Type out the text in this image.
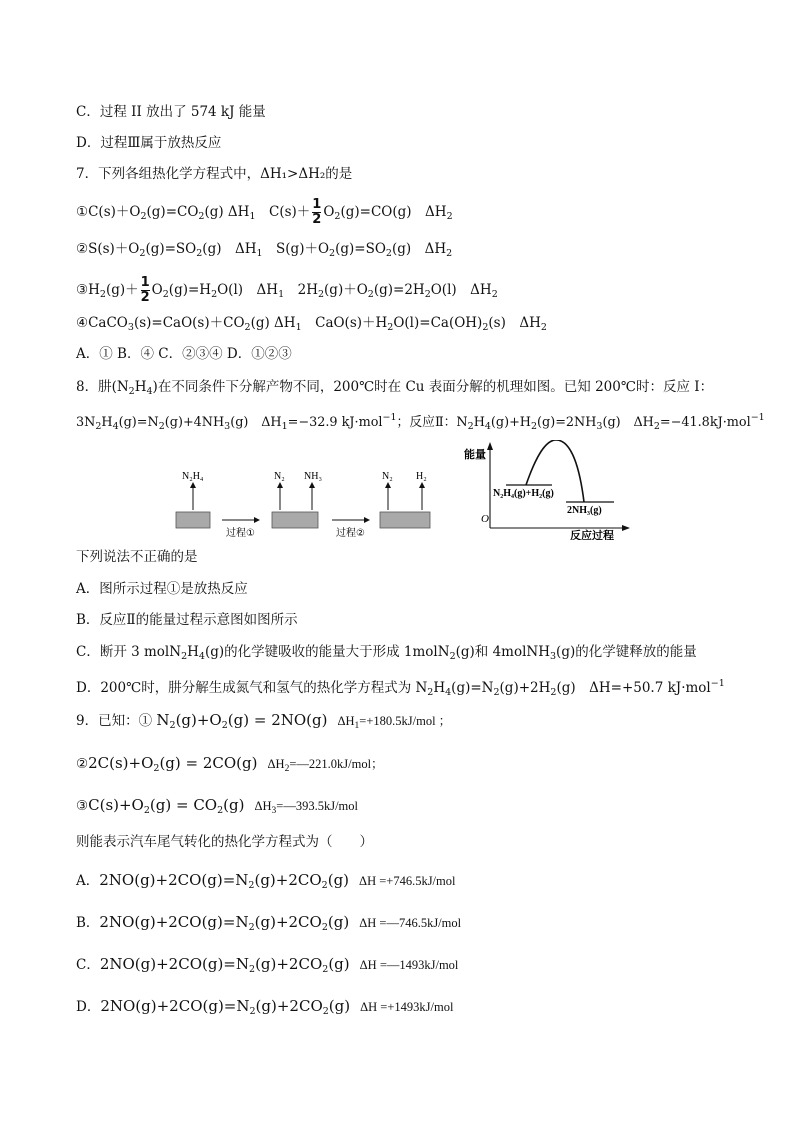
C．过程 II 放出了 574 kJ 能量
D．过程Ⅲ属于放热反应
7．下列各组热化学方程式中，ΔH₁>ΔH₂的是
$①C(s)+O_2(g)=CO_2(g)$ $\Delta H_1$　$C(s)+ \frac{1}{2} O_2(g)=CO(g)$　$\Delta H_2$
$②S(s)+O_2(g)=SO_2(g)$　$\Delta H_1$　$S(g)+O_2(g)=SO_2(g)$　$\Delta H_2$
$③H_2(g)+ \frac{1}{2} O_2(g)=H_2O(l)$　$\Delta H_1$　$2H_2(g)+O_2(g)=2H_2O(l)$　$\Delta H_2$
$④CaCO_3(s)=CaO(s)+CO_2(g)$ $\Delta H_1$　$CaO(s)+H_2O(l)=Ca(OH)_2(s)$　$\Delta H_2$
A．① B．④ C．②③④ D．①②③
8．肼$(N_2H_4)$在不同条件下分解产物不同，200℃时在 Cu 表面分解的机理如图。已知 200℃时：反应 I：
$3N_2H_4(g)=N_2(g)+4NH_3(g)$　$\Delta H_1=-32.9$ kJ·mol$^{-1}$；反应Ⅱ：$N_2H_4(g)+H_2(g)=2NH_3(g)$　$\Delta H_2=-41.8kJ\cdot mol^{-1}$
N₂H₄
过程①
N₂ NH₃
过程②
N₂ H₂
能量
O
N₂H₄(g)+H₂(g)
2NH₃(g)
反应过程
下列说法不正确的是
A．图所示过程①是放热反应
B．反应Ⅱ的能量过程示意图如图所示
C．断开 3 $molN_2H_4(g)$的化学键吸收的能量大于形成 1molN$_2$(g)和 4molNH$_3$(g)的化学键释放的能量
D．200℃时，肼分解生成氮气和氢气的热化学方程式为 $N_2H_4(g)=N_2(g)+2H_2(g)$　ΔH=+50.7 kJ·mol$^{-1}$
9．已知：① $N_2(g)+O_2(g) = 2NO(g)$ $\Delta H_1=+180.5kJ$/mol ；
$②2C(s)+O_2(g) = 2CO(g)$ $\Delta H_2=—221.0kJ$/mol；
$③C(s)+O_2(g) = CO_2(g)$ $\Delta H_3=—393.5kJ$/mol
则能表示汽车尾气转化的热化学方程式为（　　）
A．$2NO(g)+2CO(g)=N_2(g)+2CO_2(g)$ ΔH =+746.5kJ/mol
B．$2NO(g)+2CO(g)=N_2(g)+2CO_2(g)$ ΔH =—746.5kJ/mol
C．$2NO(g)+2CO(g)=N_2(g)+2CO_2(g)$ ΔH =—1493kJ/mol
D．$2NO(g)+2CO(g)=N_2(g)+2CO_2(g)$ ΔH =+1493kJ/mol
